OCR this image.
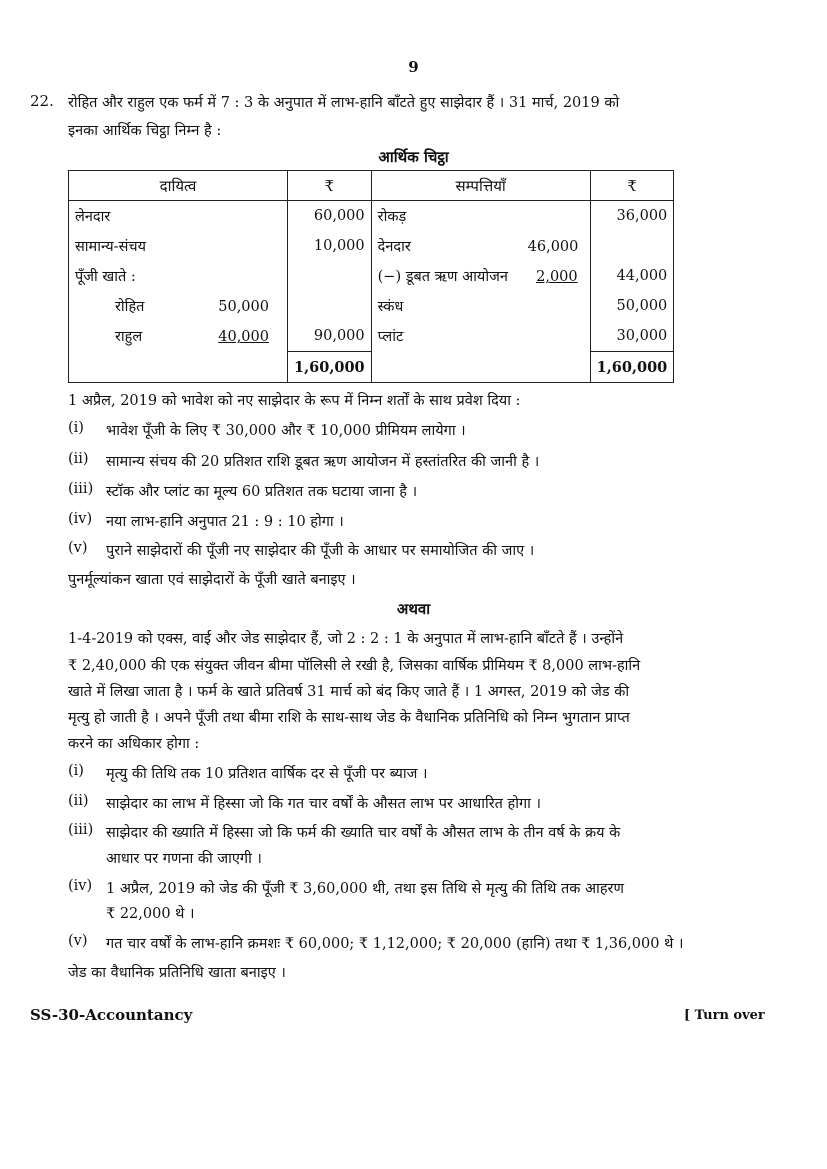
9
22. रोहित और राहुल एक फर्म में 7 : 3 के अनुपात में लाभ-हानि बाँटते हुए साझेदार हैं । 31 मार्च, 2019 को
इनका आर्थिक चिट्ठा निम्न है :
आर्थिक चिट्ठा
दायित्व	₹	सम्पत्तियाँ	₹
लेनदार	60,000	रोकड़	36,000
सामान्य-संचय	10,000	देनदार 46,000	
पूँजी खाते :		(−) डूबत ऋण आयोजन 2,000	44,000
रोहित 50,000		स्कंध	50,000
राहुल 40,000	90,000	प्लांट	30,000
	1,60,000		1,60,000
1 अप्रैल, 2019 को भावेश को नए साझेदार के रूप में निम्न शर्तों के साथ प्रवेश दिया :
(i) भावेश पूँजी के लिए ₹ 30,000 और ₹ 10,000 प्रीमियम लायेगा ।
(ii) सामान्य संचय की 20 प्रतिशत राशि डूबत ऋण आयोजन में हस्तांतरित की जानी है ।
(iii) स्टॉक और प्लांट का मूल्य 60 प्रतिशत तक घटाया जाना है ।
(iv) नया लाभ-हानि अनुपात 21 : 9 : 10 होगा ।
(v) पुराने साझेदारों की पूँजी नए साझेदार की पूँजी के आधार पर समायोजित की जाए ।
पुनर्मूल्यांकन खाता एवं साझेदारों के पूँजी खाते बनाइए ।
अथवा
1-4-2019 को एक्स, वाई और जेड साझेदार हैं, जो 2 : 2 : 1 के अनुपात में लाभ-हानि बाँटते हैं । उन्होंने
₹ 2,40,000 की एक संयुक्त जीवन बीमा पॉलिसी ले रखी है, जिसका वार्षिक प्रीमियम ₹ 8,000 लाभ-हानि
खाते में लिखा जाता है । फर्म के खाते प्रतिवर्ष 31 मार्च को बंद किए जाते हैं । 1 अगस्त, 2019 को जेड की
मृत्यु हो जाती है । अपने पूँजी तथा बीमा राशि के साथ-साथ जेड के वैधानिक प्रतिनिधि को निम्न भुगतान प्राप्त
करने का अधिकार होगा :
(i) मृत्यु की तिथि तक 10 प्रतिशत वार्षिक दर से पूँजी पर ब्याज ।
(ii) साझेदार का लाभ में हिस्सा जो कि गत चार वर्षों के औसत लाभ पर आधारित होगा ।
(iii) साझेदार की ख्याति में हिस्सा जो कि फर्म की ख्याति चार वर्षों के औसत लाभ के तीन वर्ष के क्रय के
आधार पर गणना की जाएगी ।
(iv) 1 अप्रैल, 2019 को जेड की पूँजी ₹ 3,60,000 थी, तथा इस तिथि से मृत्यु की तिथि तक आहरण
₹ 22,000 थे ।
(v) गत चार वर्षों के लाभ-हानि क्रमशः ₹ 60,000; ₹ 1,12,000; ₹ 20,000 (हानि) तथा ₹ 1,36,000 थे ।
जेड का वैधानिक प्रतिनिधि खाता बनाइए ।
SS-30-Accountancy	[ Turn over
